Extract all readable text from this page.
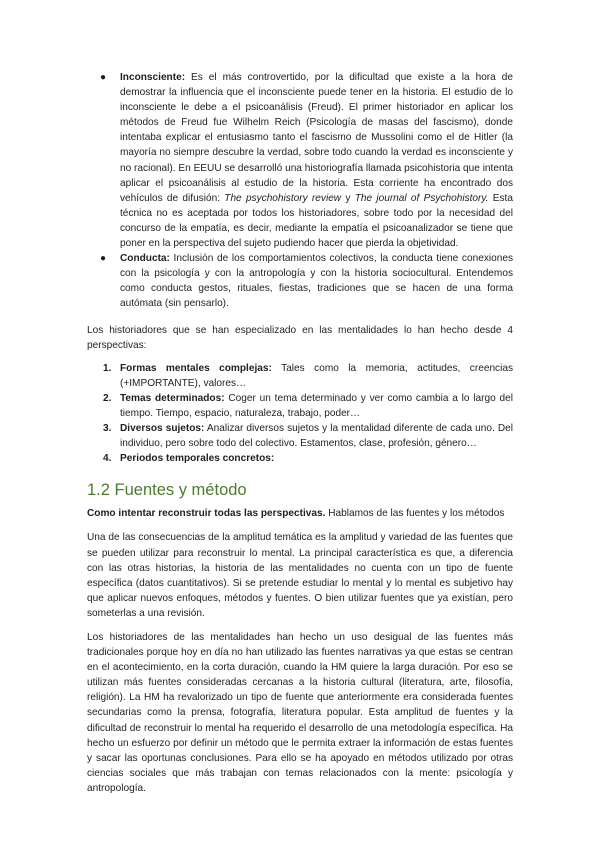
● Inconsciente: Es el más controvertido, por la dificultad que existe a la hora de demostrar la influencia que el inconsciente puede tener en la historia. El estudio de lo inconsciente le debe a el psicoanálisis (Freud). El primer historiador en aplicar los métodos de Freud fue Wilhelm Reich (Psicología de masas del fascismo), donde intentaba explicar el entusiasmo tanto el fascismo de Mussolini como el de Hitler (la mayoría no siempre descubre la verdad, sobre todo cuando la verdad es inconsciente y no racional). En EEUU se desarrolló una historiografía llamada psicohistoria que intenta aplicar el psicoanálisis al estudio de la historia. Esta corriente ha encontrado dos vehículos de difusión: The psychohistory review y The journal of Psychohistory. Esta técnica no es aceptada por todos los historiadores, sobre todo por la necesidad del concurso de la empatía, es decir, mediante la empatía el psicoanalizador se tiene que poner en la perspectiva del sujeto pudiendo hacer que pierda la objetividad.
● Conducta: Inclusión de los comportamientos colectivos, la conducta tiene conexiones con la psicología y con la antropología y con la historia sociocultural. Entendemos como conducta gestos, rituales, fiestas, tradiciones que se hacen de una forma autómata (sin pensarlo).

Los historiadores que se han especializado en las mentalidades lo han hecho desde 4 perspectivas:

1. Formas mentales complejas: Tales como la memoria, actitudes, creencias (+IMPORTANTE), valores…
2. Temas determinados: Coger un tema determinado y ver como cambia a lo largo del tiempo. Tiempo, espacio, naturaleza, trabajo, poder…
3. Diversos sujetos: Analizar diversos sujetos y la mentalidad diferente de cada uno. Del individuo, pero sobre todo del colectivo. Estamentos, clase, profesión, género…
4. Periodos temporales concretos:
1.2 Fuentes y método

Como intentar reconstruir todas las perspectivas. Hablamos de las fuentes y los métodos

Una de las consecuencias de la amplitud temática es la amplitud y variedad de las fuentes que se pueden utilizar para reconstruir lo mental. La principal característica es que, a diferencia con las otras historias, la historia de las mentalidades no cuenta con un tipo de fuente específica (datos cuantitativos). Si se pretende estudiar lo mental y lo mental es subjetivo hay que aplicar nuevos enfoques, métodos y fuentes. O bien utilizar fuentes que ya existían, pero someterlas a una revisión.

Los historiadores de las mentalidades han hecho un uso desigual de las fuentes más tradicionales porque hoy en día no han utilizado las fuentes narrativas ya que estas se centran en el acontecimiento, en la corta duración, cuando la HM quiere la larga duración. Por eso se utilizan más fuentes consideradas cercanas a la historia cultural (literatura, arte, filosofía, religión). La HM ha revalorizado un tipo de fuente que anteriormente era considerada fuentes secundarias como la prensa, fotografía, literatura popular. Esta amplitud de fuentes y la dificultad de reconstruir lo mental ha requerido el desarrollo de una metodología específica. Ha hecho un esfuerzo por definir un método que le permita extraer la información de estas fuentes y sacar las oportunas conclusiones. Para ello se ha apoyado en métodos utilizado por otras ciencias sociales que más trabajan con temas relacionados con la mente: psicología y antropología.
